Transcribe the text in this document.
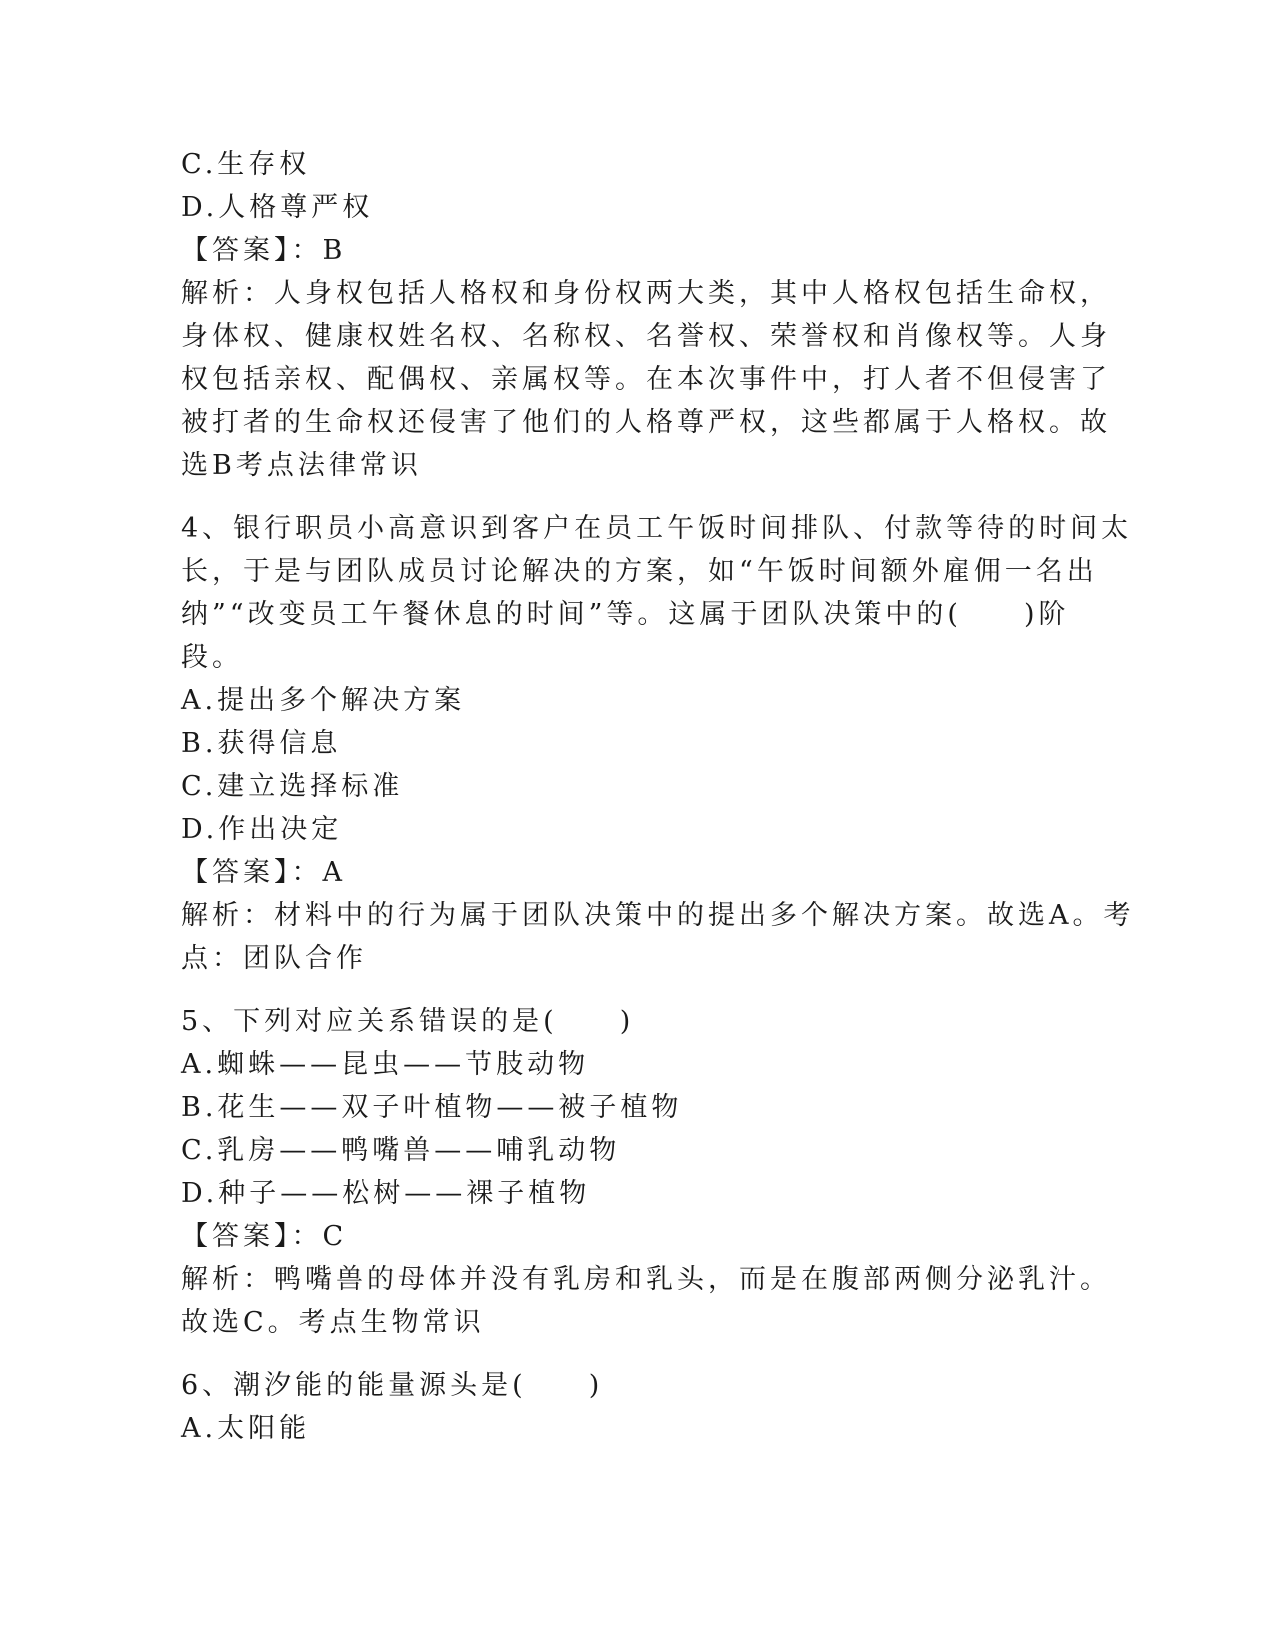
C.生存权
D.人格尊严权
【答案】：B
解析：人身权包括人格权和身份权两大类，其中人格权包括生命权，
身体权、健康权姓名权、名称权、名誉权、荣誉权和肖像权等。人身
权包括亲权、配偶权、亲属权等。在本次事件中，打人者不但侵害了
被打者的生命权还侵害了他们的人格尊严权，这些都属于人格权。故
选B考点法律常识
4、银行职员小高意识到客户在员工午饭时间排队、付款等待的时间太
长，于是与团队成员讨论解决的方案，如“午饭时间额外雇佣一名出
纳”“改变员工午餐休息的时间”等。这属于团队决策中的(　　)阶
段。
A.提出多个解决方案
B.获得信息
C.建立选择标准
D.作出决定
【答案】：A
解析：材料中的行为属于团队决策中的提出多个解决方案。故选A。考
点：团队合作
5、下列对应关系错误的是(　　)
A.蜘蛛——昆虫——节肢动物
B.花生——双子叶植物——被子植物
C.乳房——鸭嘴兽——哺乳动物
D.种子——松树——裸子植物
【答案】：C
解析：鸭嘴兽的母体并没有乳房和乳头，而是在腹部两侧分泌乳汁。
故选C。考点生物常识
6、潮汐能的能量源头是(　　)
A.太阳能
